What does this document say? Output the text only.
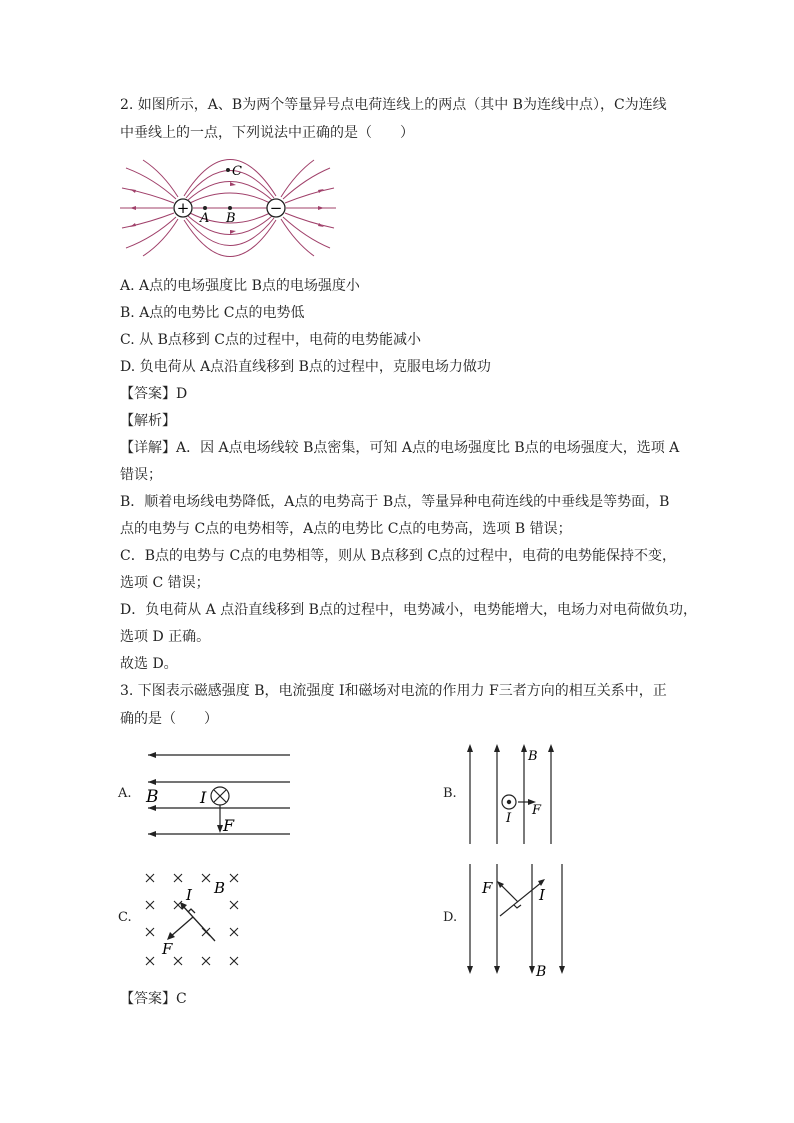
2. 如图所示，A、B为两个等量异号点电荷连线上的两点（其中 B为连线中点），C为连线
中垂线上的一点，下列说法中正确的是（　　）
+	−
A B
C
A. A点的电场强度比 B点的电场强度小
B. A点的电势比 C点的电势低
C. 从 B点移到 C点的过程中，电荷的电势能减小
D. 负电荷从 A点沿直线移到 B点的过程中，克服电场力做功
【答案】D
【解析】
【详解】A．因 A点电场线较 B点密集，可知 A点的电场强度比 B点的电场强度大，选项 A
错误；
B．顺着电场线电势降低，A点的电势高于 B点，等量异种电荷连线的中垂线是等势面，B
点的电势与 C点的电势相等，A点的电势比 C点的电势高，选项 B 错误；
C．B点的电势与 C点的电势相等，则从 B点移到 C点的过程中，电荷的电势能保持不变，
选项 C 错误；
D．负电荷从 A 点沿直线移到 B点的过程中，电势减小，电势能增大，电场力对电荷做负功，
选项 D 正确。
故选 D。
3. 下图表示磁感强度 B，电流强度 I和磁场对电流的作用力 F三者方向的相互关系中，正
确的是（　　）
A. B	I
F
B.
B
I
F
C.
I B
F
D.
F	I
B
【答案】C
